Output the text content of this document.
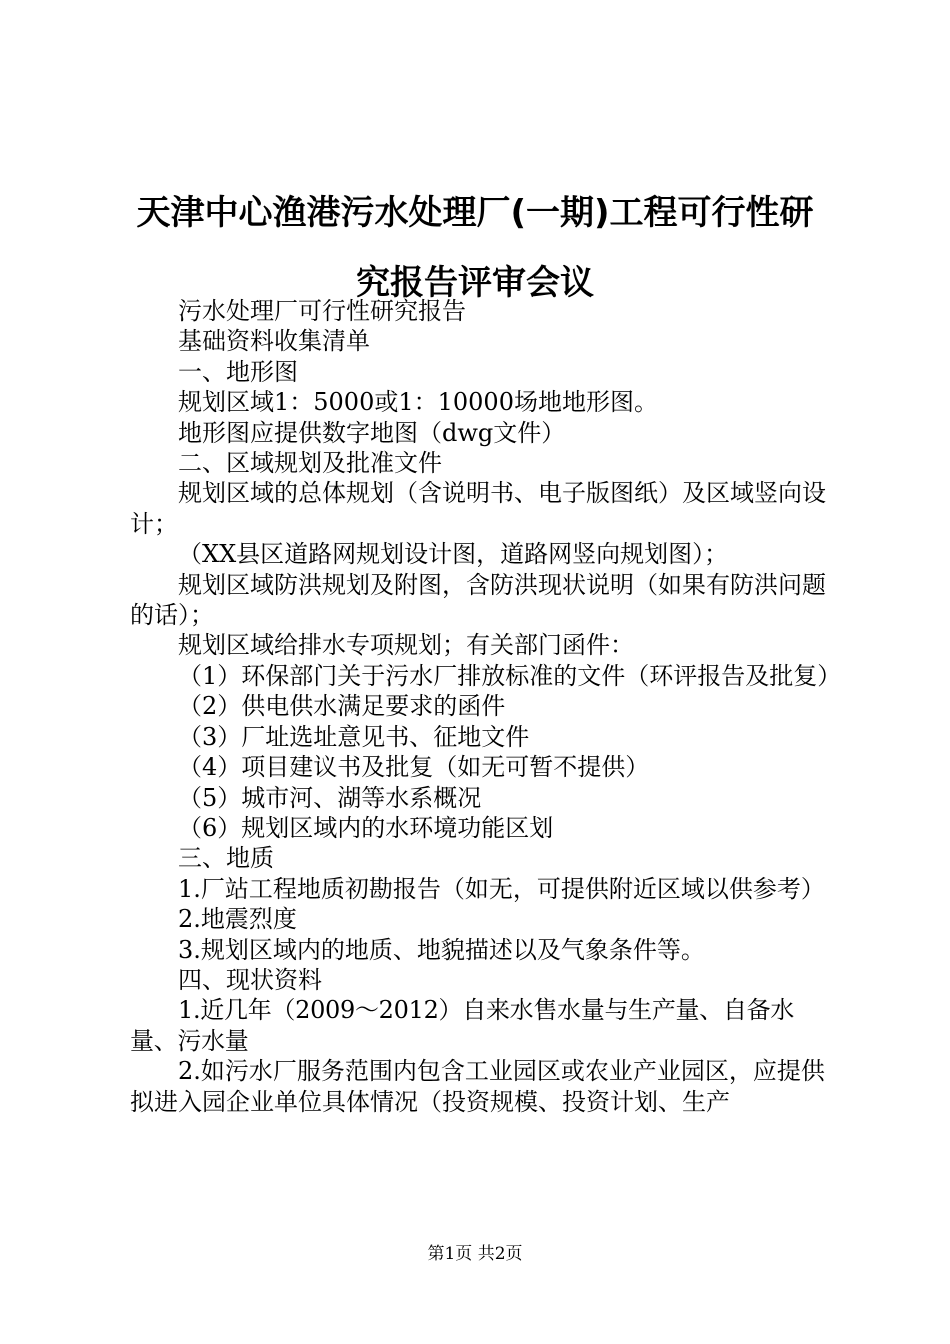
天津中心渔港污水处理厂(一期)工程可行性研究报告评审会议

污水处理厂可行性研究报告

基础资料收集清单

一、地形图

规划区域1：5000或1：10000场地地形图。

地形图应提供数字地图（dwg文件）

二、区域规划及批准文件

规划区域的总体规划（含说明书、电子版图纸）及区域竖向设计；

（XX县区道路网规划设计图，道路网竖向规划图）；

规划区域防洪规划及附图，含防洪现状说明（如果有防洪问题的话）；

规划区域给排水专项规划；有关部门函件：

（1）环保部门关于污水厂排放标准的文件（环评报告及批复）

（2）供电供水满足要求的函件

（3）厂址选址意见书、征地文件

（4）项目建议书及批复（如无可暂不提供）

（5）城市河、湖等水系概况

（6）规划区域内的水环境功能区划

三、地质

1.厂站工程地质初勘报告（如无，可提供附近区域以供参考）

2.地震烈度

3.规划区域内的地质、地貌描述以及气象条件等。

四、现状资料

1.近几年（2009～2012）自来水售水量与生产量、自备水量、污水量

2.如污水厂服务范围内包含工业园区或农业产业园区，应提供拟进入园企业单位具体情况（投资规模、投资计划、生产

第1页 共2页
